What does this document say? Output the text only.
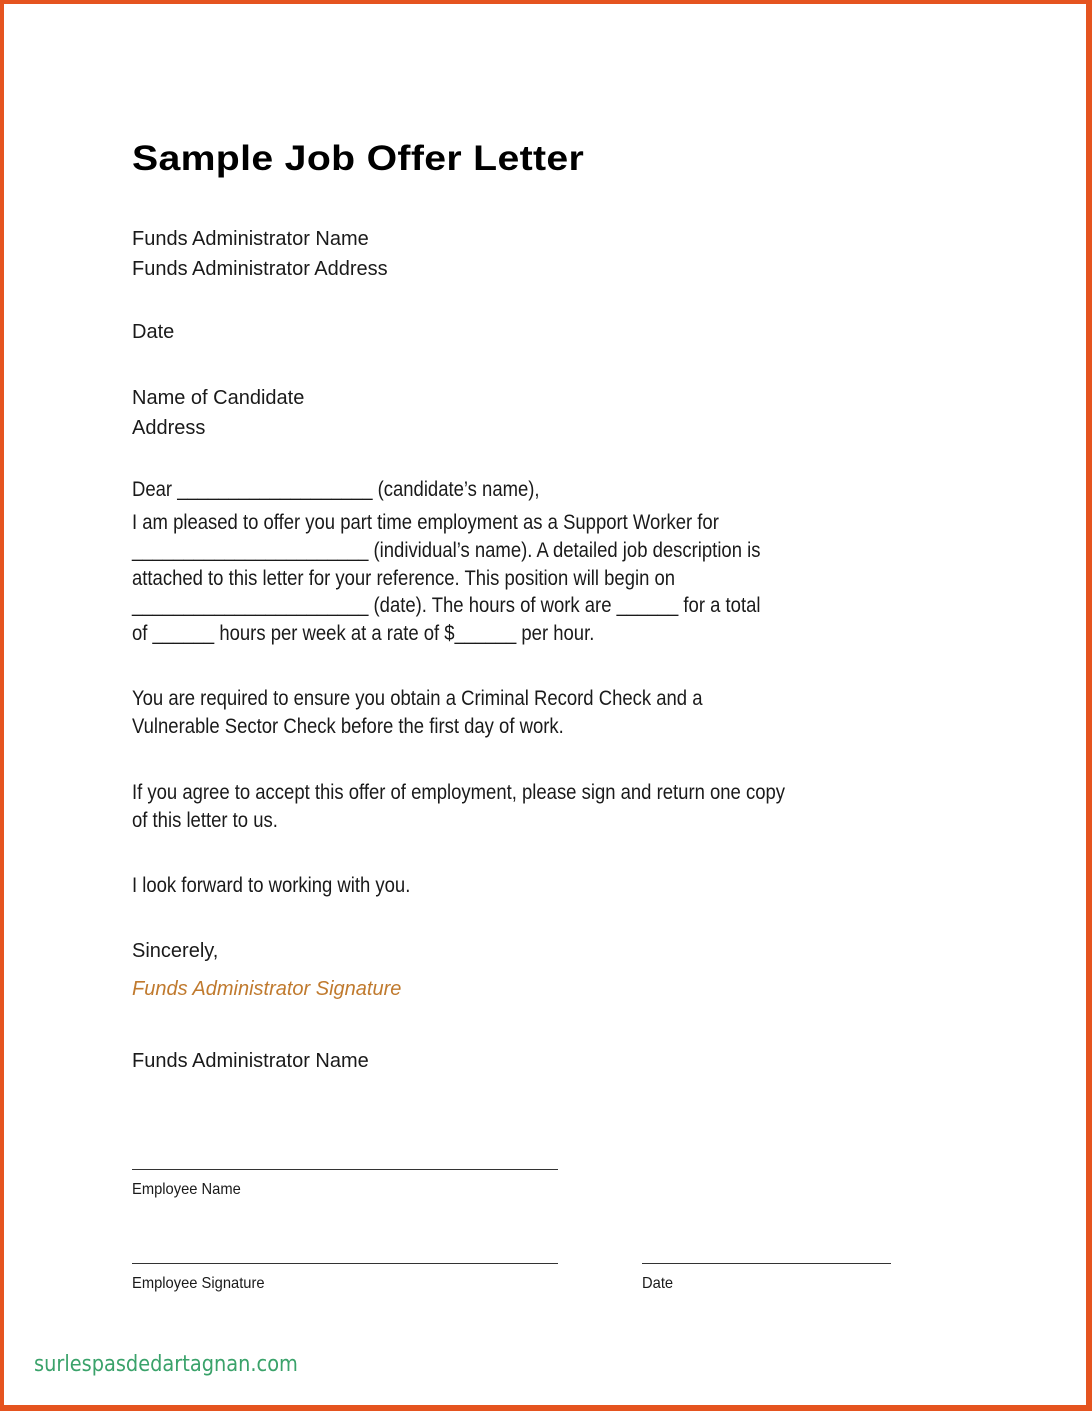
Sample Job Offer Letter
Funds Administrator Name
Funds Administrator Address
Date
Name of Candidate
Address
Dear ___________________ (candidate’s name),
I am pleased to offer you part time employment as a Support Worker for
_______________________ (individual’s name). A detailed job description is
attached to this letter for your reference. This position will begin on
_______________________ (date). The hours of work are ______ for a total
of ______ hours per week at a rate of $______ per hour.
You are required to ensure you obtain a Criminal Record Check and a
Vulnerable Sector Check before the first day of work.
If you agree to accept this offer of employment, please sign and return one copy
of this letter to us.
I look forward to working with you.
Sincerely,
Funds Administrator Signature
Funds Administrator Name
Employee Name
Employee Signature	Date
surlespasdedartagnan.com
